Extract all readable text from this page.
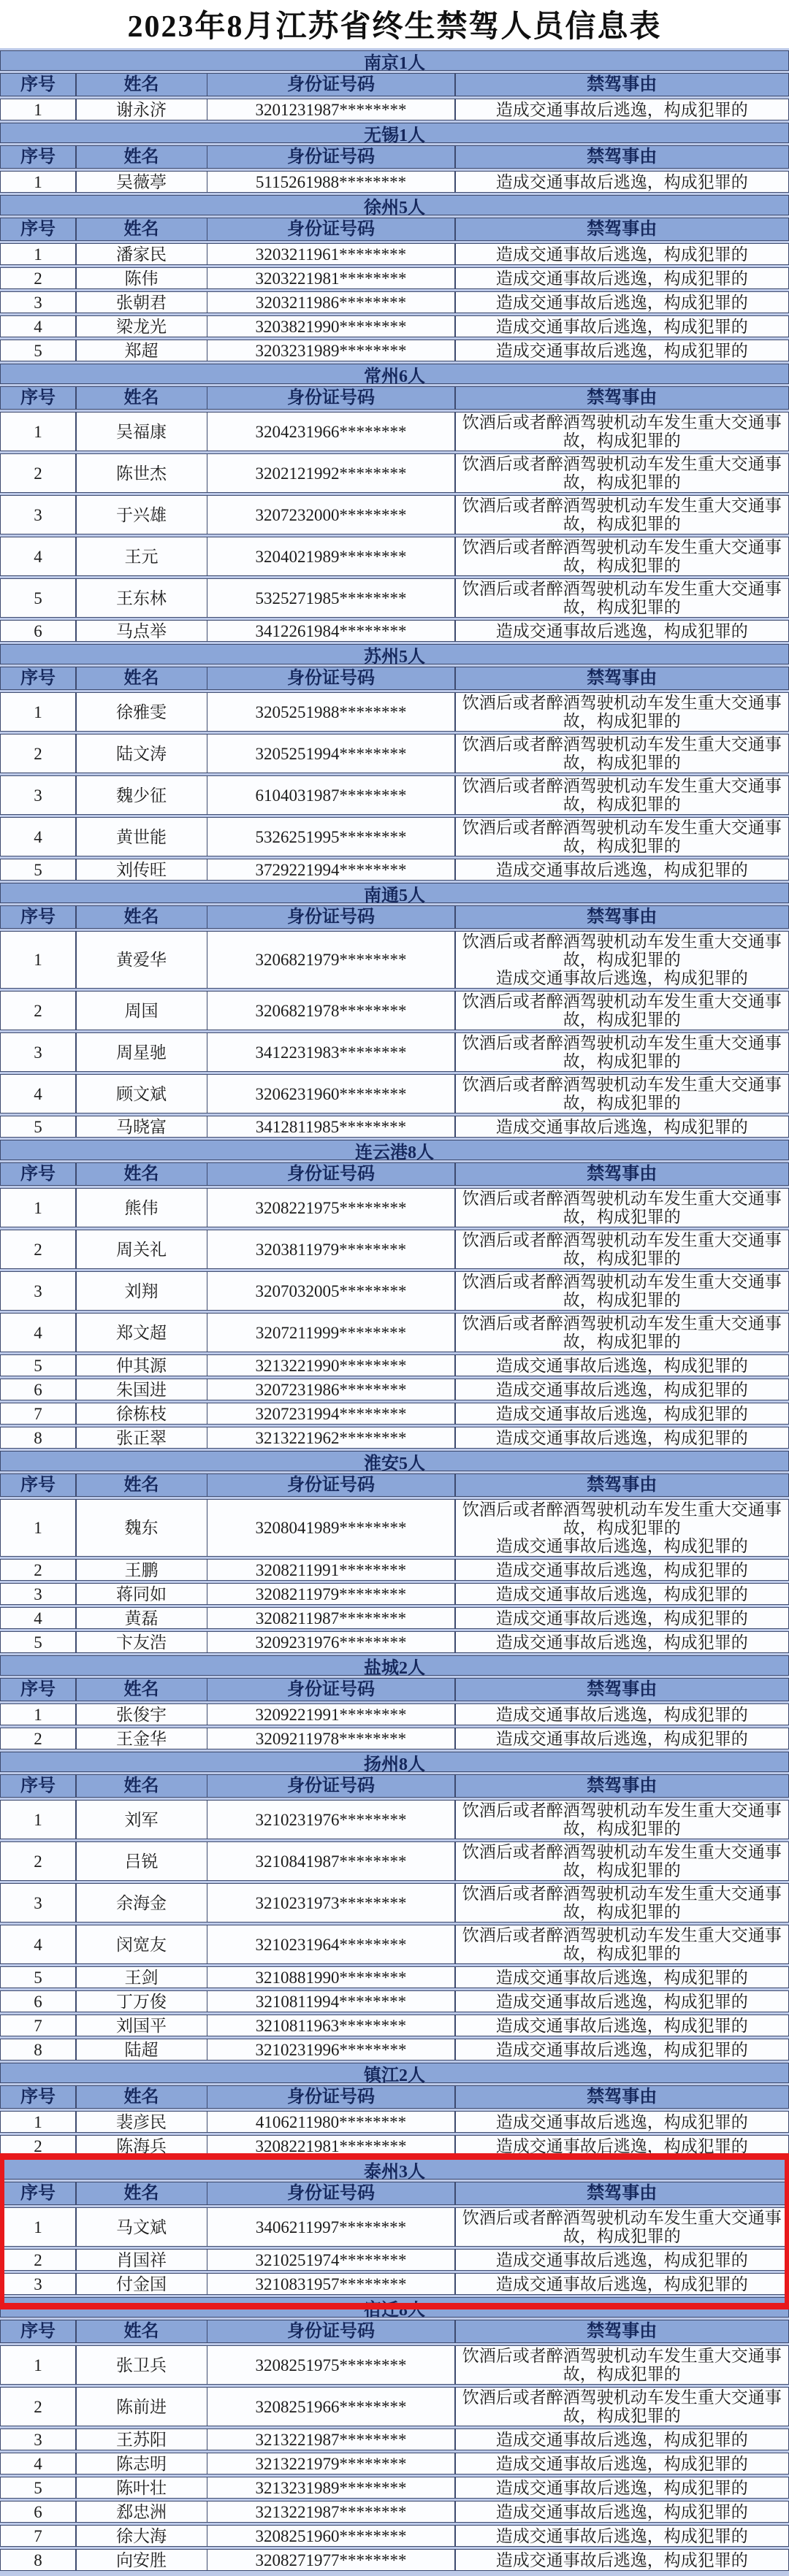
2023年8月江苏省终生禁驾人员信息表
南京1人
序号	姓名	身份证号码	禁驾事由
1	谢永济	3201231987********	造成交通事故后逃逸，构成犯罪的
无锡1人
序号	姓名	身份证号码	禁驾事由
1	吴薇葶	5115261988********	造成交通事故后逃逸，构成犯罪的
徐州5人
序号	姓名	身份证号码	禁驾事由
1	潘家民	3203211961********	造成交通事故后逃逸，构成犯罪的
2	陈伟	3203221981********	造成交通事故后逃逸，构成犯罪的
3	张朝君	3203211986********	造成交通事故后逃逸，构成犯罪的
4	梁龙光	3203821990********	造成交通事故后逃逸，构成犯罪的
5	郑超	3203231989********	造成交通事故后逃逸，构成犯罪的
常州6人
序号	姓名	身份证号码	禁驾事由
1	吴福康	3204231966********	饮酒后或者醉酒驾驶机动车发生重大交通事故，构成犯罪的
2	陈世杰	3202121992********	饮酒后或者醉酒驾驶机动车发生重大交通事故，构成犯罪的
3	于兴雄	3207232000********	饮酒后或者醉酒驾驶机动车发生重大交通事故，构成犯罪的
4	王元	3204021989********	饮酒后或者醉酒驾驶机动车发生重大交通事故，构成犯罪的
5	王东林	5325271985********	饮酒后或者醉酒驾驶机动车发生重大交通事故，构成犯罪的
6	马点举	3412261984********	造成交通事故后逃逸，构成犯罪的
苏州5人
序号	姓名	身份证号码	禁驾事由
1	徐雅雯	3205251988********	饮酒后或者醉酒驾驶机动车发生重大交通事故，构成犯罪的
2	陆文涛	3205251994********	饮酒后或者醉酒驾驶机动车发生重大交通事故，构成犯罪的
3	魏少征	6104031987********	饮酒后或者醉酒驾驶机动车发生重大交通事故，构成犯罪的
4	黄世能	5326251995********	饮酒后或者醉酒驾驶机动车发生重大交通事故，构成犯罪的
5	刘传旺	3729221994********	造成交通事故后逃逸，构成犯罪的
南通5人
序号	姓名	身份证号码	禁驾事由
1	黄爱华	3206821979********
饮酒后或者醉酒驾驶机动车发生重大交通事故，构成犯罪的
造成交通事故后逃逸，构成犯罪的
2	周国	3206821978********	饮酒后或者醉酒驾驶机动车发生重大交通事故，构成犯罪的
3	周星驰	3412231983********	饮酒后或者醉酒驾驶机动车发生重大交通事故，构成犯罪的
4	顾文斌	3206231960********	饮酒后或者醉酒驾驶机动车发生重大交通事故，构成犯罪的
5	马晓富	3412811985********	造成交通事故后逃逸，构成犯罪的
连云港8人
序号	姓名	身份证号码	禁驾事由
1	熊伟	3208221975********	饮酒后或者醉酒驾驶机动车发生重大交通事故，构成犯罪的
2	周关礼	3203811979********	饮酒后或者醉酒驾驶机动车发生重大交通事故，构成犯罪的
3	刘翔	3207032005********	饮酒后或者醉酒驾驶机动车发生重大交通事故，构成犯罪的
4	郑文超	3207211999********	饮酒后或者醉酒驾驶机动车发生重大交通事故，构成犯罪的
5	仲其源	3213221990********	造成交通事故后逃逸，构成犯罪的
6	朱国进	3207231986********	造成交通事故后逃逸，构成犯罪的
7	徐栋枝	3207231994********	造成交通事故后逃逸，构成犯罪的
8	张正翠	3213221962********	造成交通事故后逃逸，构成犯罪的
淮安5人
序号	姓名	身份证号码	禁驾事由
1	魏东	3208041989********
饮酒后或者醉酒驾驶机动车发生重大交通事故，构成犯罪的
造成交通事故后逃逸，构成犯罪的
2	王鹏	3208211991********	造成交通事故后逃逸，构成犯罪的
3	蒋同如	3208211979********	造成交通事故后逃逸，构成犯罪的
4	黄磊	3208211987********	造成交通事故后逃逸，构成犯罪的
5	卞友浩	3209231976********	造成交通事故后逃逸，构成犯罪的
盐城2人
序号	姓名	身份证号码	禁驾事由
1	张俊宇	3209221991********	造成交通事故后逃逸，构成犯罪的
2	王金华	3209211978********	造成交通事故后逃逸，构成犯罪的
扬州8人
序号	姓名	身份证号码	禁驾事由
1	刘军	3210231976********	饮酒后或者醉酒驾驶机动车发生重大交通事故，构成犯罪的
2	吕锐	3210841987********	饮酒后或者醉酒驾驶机动车发生重大交通事故，构成犯罪的
3	余海金	3210231973********	饮酒后或者醉酒驾驶机动车发生重大交通事故，构成犯罪的
4	闵宽友	3210231964********	饮酒后或者醉酒驾驶机动车发生重大交通事故，构成犯罪的
5	王剑	3210881990********	造成交通事故后逃逸，构成犯罪的
6	丁万俊	3210811994********	造成交通事故后逃逸，构成犯罪的
7	刘国平	3210811963********	造成交通事故后逃逸，构成犯罪的
8	陆超	3210231996********	造成交通事故后逃逸，构成犯罪的
镇江2人
序号	姓名	身份证号码	禁驾事由
1	裴彦民	4106211980********	造成交通事故后逃逸，构成犯罪的
2	陈海兵	3208221981********	造成交通事故后逃逸，构成犯罪的
泰州3人
序号	姓名	身份证号码	禁驾事由
1	马文斌	3406211997********	饮酒后或者醉酒驾驶机动车发生重大交通事故，构成犯罪的
2	肖国祥	3210251974********	造成交通事故后逃逸，构成犯罪的
3	付金国	3210831957********	造成交通事故后逃逸，构成犯罪的
宿迁8人
序号	姓名	身份证号码	禁驾事由
1	张卫兵	3208251975********	饮酒后或者醉酒驾驶机动车发生重大交通事故，构成犯罪的
2	陈前进	3208251966********	饮酒后或者醉酒驾驶机动车发生重大交通事故，构成犯罪的
3	王苏阳	3213221987********	造成交通事故后逃逸，构成犯罪的
4	陈志明	3213221979********	造成交通事故后逃逸，构成犯罪的
5	陈叶壮	3213231989********	造成交通事故后逃逸，构成犯罪的
6	郄忠洲	3213221987********	造成交通事故后逃逸，构成犯罪的
7	徐大海	3208251960********	造成交通事故后逃逸，构成犯罪的
8	向安胜	3208271977********	造成交通事故后逃逸，构成犯罪的
